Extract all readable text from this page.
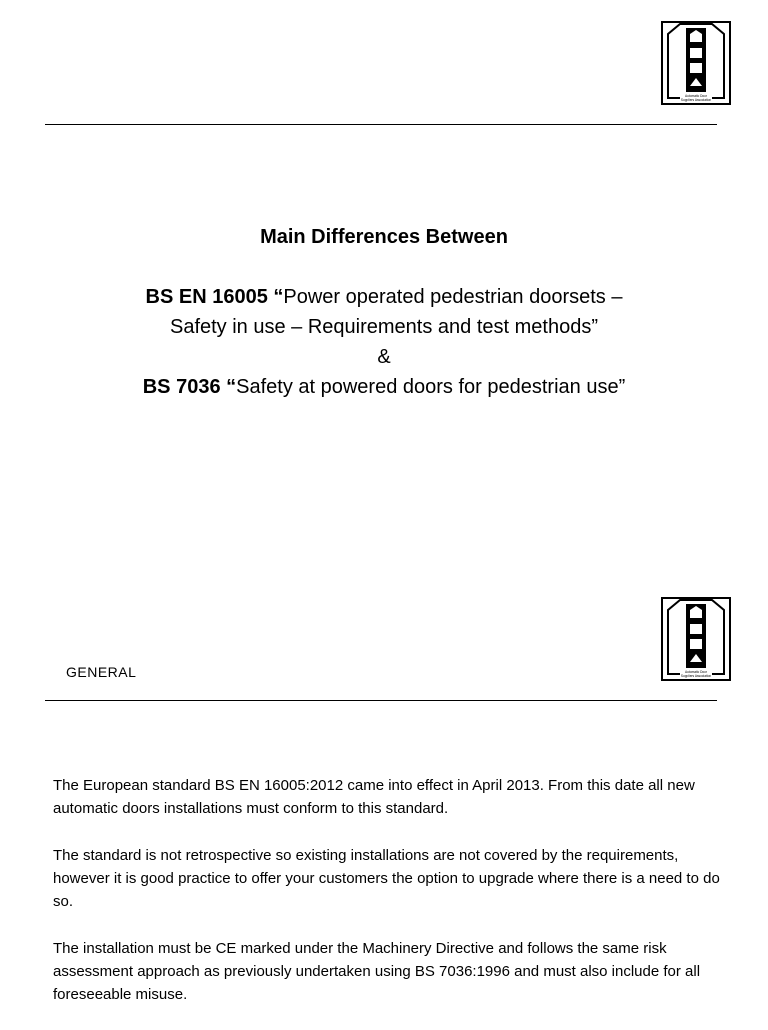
Automatic Door
Suppliers Association
Main Differences Between
BS EN 16005 “Power operated pedestrian doorsets –
Safety in use – Requirements and test methods”
&
BS 7036 “Safety at powered doors for pedestrian use”
Automatic Door
Suppliers Association
GENERAL

The European standard BS EN 16005:2012 came into effect in April 2013. From this date all new automatic doors installations must conform to this standard.

The standard is not retrospective so existing installations are not covered by the requirements, however it is good practice to offer your customers the option to upgrade where there is a need to do so.

The installation must be CE marked under the Machinery Directive and follows the same risk assessment approach as previously undertaken using BS 7036:1996 and must also include for all foreseeable misuse.
